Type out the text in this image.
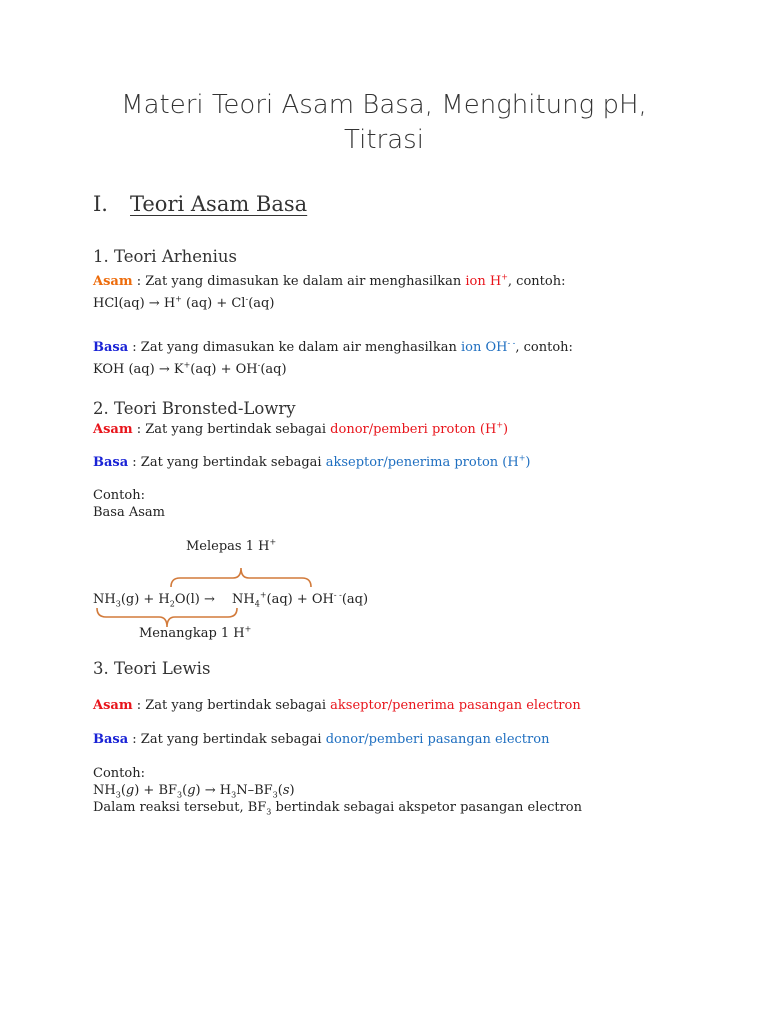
Materi Teori Asam Basa, Menghitung pH,
Titrasi
I. Teori Asam Basa
1. Teori Arhenius
Asam : Zat yang dimasukan ke dalam air menghasilkan ion H+, contoh:
HCl(aq) → H+ (aq) + Cl-(aq)
Basa : Zat yang dimasukan ke dalam air menghasilkan ion OH- -, contoh:
KOH (aq) → K+(aq) + OH-(aq)
2. Teori Bronsted-Lowry
Asam : Zat yang bertindak sebagai donor/pemberi proton (H+)
Basa : Zat yang bertindak sebagai akseptor/penerima proton (H+)
Contoh:
Basa Asam
Melepas 1 H+
$NH_3(g) + H_2O(l) \to NH_4^+(aq) + OH^{- -}(aq)$
Menangkap 1 H+
3. Teori Lewis
Asam : Zat yang bertindak sebagai akseptor/penerima pasangan electron
Basa : Zat yang bertindak sebagai donor/pemberi pasangan electron
Contoh:
$NH_3(g) + BF_3(g) \to H_3N-BF_3(s)$
Dalam reaksi tersebut, $BF_3$ bertindak sebagai akspetor pasangan electron
